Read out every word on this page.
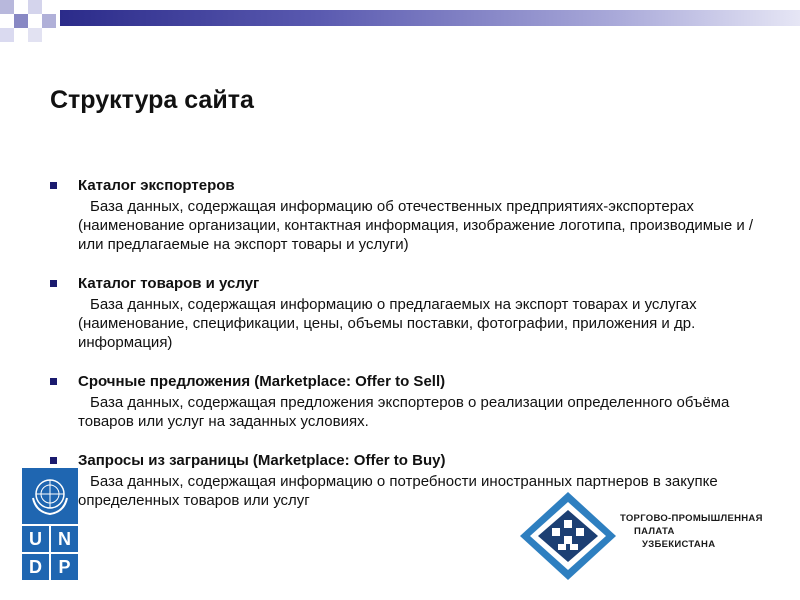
Структура сайта
Каталог экспортеров
База данных, содержащая информацию об отечественных предприятиях-экспортерах (наименование организации, контактная информация, изображение логотипа, производимые и / или предлагаемые на экспорт товары и услуги)
Каталог товаров и услуг
База данных, содержащая информацию о предлагаемых на экспорт товарах и услугах (наименование, спецификации, цены, объемы поставки, фотографии, приложения и др. информация)
Срочные предложения (Marketplace: Offer to Sell)
База данных, содержащая предложения экспортеров о реализации определенного объёма товаров или услуг на заданных условиях.
Запросы из заграницы (Marketplace: Offer to Buy)
База данных, содержащая информацию о потребности иностранных партнеров в закупке определенных товаров или услуг
U N
D P
ТОРГОВО-ПРОМЫШЛЕННАЯ
ПАЛАТА
УЗБЕКИСТАНА
